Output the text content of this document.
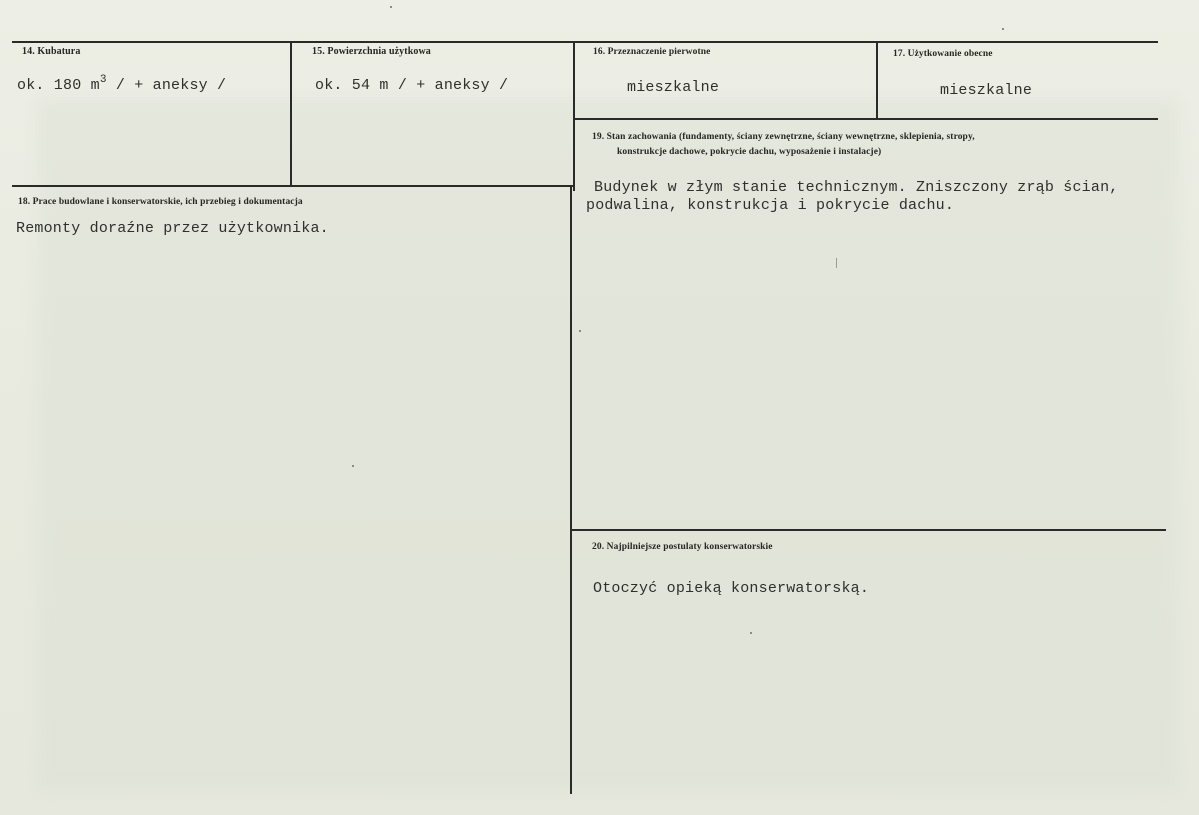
14. Kubatura
ok. 180 $m^3$ / + aneksy /
15. Powierzchnia użytkowa
ok. 54 m / + aneksy /
16. Przeznaczenie pierwotne
mieszkalne
17. Użytkowanie obecne
mieszkalne
19. Stan zachowania (fundamenty, ściany zewnętrzne, ściany wewnętrzne, sklepienia, stropy,
konstrukcje dachowe, pokrycie dachu, wyposażenie i instalacje)
Budynek w złym stanie technicznym. Zniszczony zrąb ścian,
podwalina, konstrukcja i pokrycie dachu.
18. Prace budowlane i konserwatorskie, ich przebieg i dokumentacja
Remonty doraźne przez użytkownika.
20. Najpilniejsze postulaty konserwatorskie
Otoczyć opieką konserwatorską.
